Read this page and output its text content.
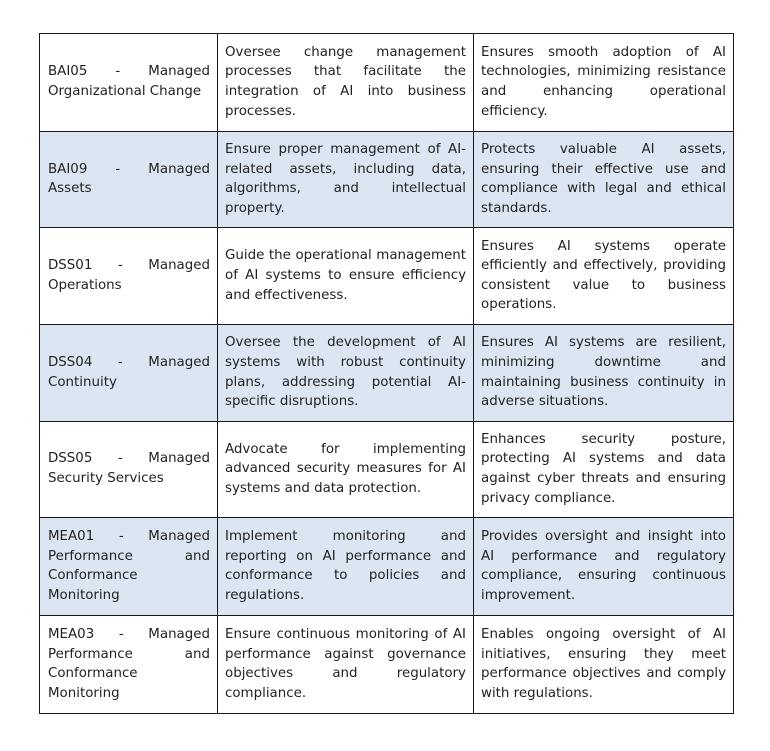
BAI05 - Managed Organizational Change	Oversee change management processes that facilitate the integration of AI into business processes.	Ensures smooth adoption of AI technologies, minimizing resistance and enhancing operational efficiency.
BAI09 - Managed Assets	Ensure proper management of AI-related assets, including data, algorithms, and intellectual property.	Protects valuable AI assets, ensuring their effective use and compliance with legal and ethical standards.
DSS01 - Managed Operations	Guide the operational management of AI systems to ensure efficiency and effectiveness.	Ensures AI systems operate efficiently and effectively, providing consistent value to business operations.
DSS04 - Managed Continuity	Oversee the development of AI systems with robust continuity plans, addressing potential AI-specific disruptions.	Ensures AI systems are resilient, minimizing downtime and maintaining business continuity in adverse situations.
DSS05 - Managed Security Services	Advocate for implementing advanced security measures for AI systems and data protection.	Enhances security posture, protecting AI systems and data against cyber threats and ensuring privacy compliance.
MEA01 - Managed Performance and Conformance Monitoring	Implement monitoring and reporting on AI performance and conformance to policies and regulations.	Provides oversight and insight into AI performance and regulatory compliance, ensuring continuous improvement.
MEA03 - Managed Performance and Conformance Monitoring	Ensure continuous monitoring of AI performance against governance objectives and regulatory compliance.	Enables ongoing oversight of AI initiatives, ensuring they meet performance objectives and comply with regulations.
